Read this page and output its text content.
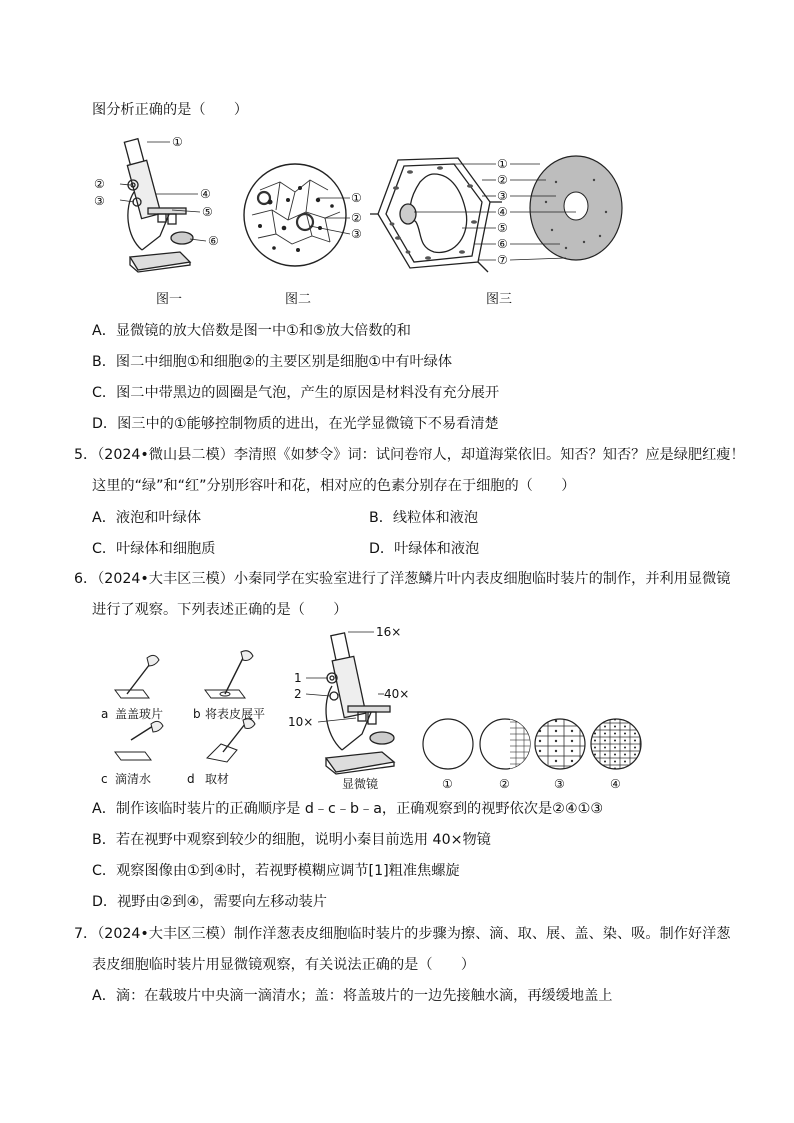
图分析正确的是（　　）
①
②
③	④
⑤
⑥
图一
①
②
③
图二
①
②
③
④
⑤
⑥
⑦
图三
A．显微镜的放大倍数是图一中①和⑤放大倍数的和
B．图二中细胞①和细胞②的主要区别是细胞①中有叶绿体
C．图二中带黑边的圆圈是气泡，产生的原因是材料没有充分展开
D．图三中的①能够控制物质的进出，在光学显微镜下不易看清楚
5．（2024•微山县二模）李清照《如梦令》词：试问卷帘人，却道海棠依旧。知否？知否？应是绿肥红瘦！
这里的“绿”和“红”分别形容叶和花，相对应的色素分别存在于细胞的（　　）
A．液泡和叶绿体	B．线粒体和液泡
C．叶绿体和细胞质	D．叶绿体和液泡
6．（2024•大丰区三模）小秦同学在实验室进行了洋葱鳞片叶内表皮细胞临时装片的制作，并利用显微镜
进行了观察。下列表述正确的是（　　）
a 盖盖玻片 b 将表皮展平
c 滴清水	d 取材
16×
1
2	40×
10×
显微镜	①	②	③	④
A．制作该临时装片的正确顺序是 d﹣c﹣b﹣a，正确观察到的视野依次是②④①③
B．若在视野中观察到较少的细胞，说明小秦目前选用 40×物镜
C．观察图像由①到④时，若视野模糊应调节[1]粗准焦螺旋
D．视野由②到④，需要向左移动装片
7．（2024•大丰区三模）制作洋葱表皮细胞临时装片的步骤为擦、滴、取、展、盖、染、吸。制作好洋葱
表皮细胞临时装片用显微镜观察，有关说法正确的是（　　）
A．滴：在载玻片中央滴一滴清水；盖：将盖玻片的一边先接触水滴，再缓缓地盖上
